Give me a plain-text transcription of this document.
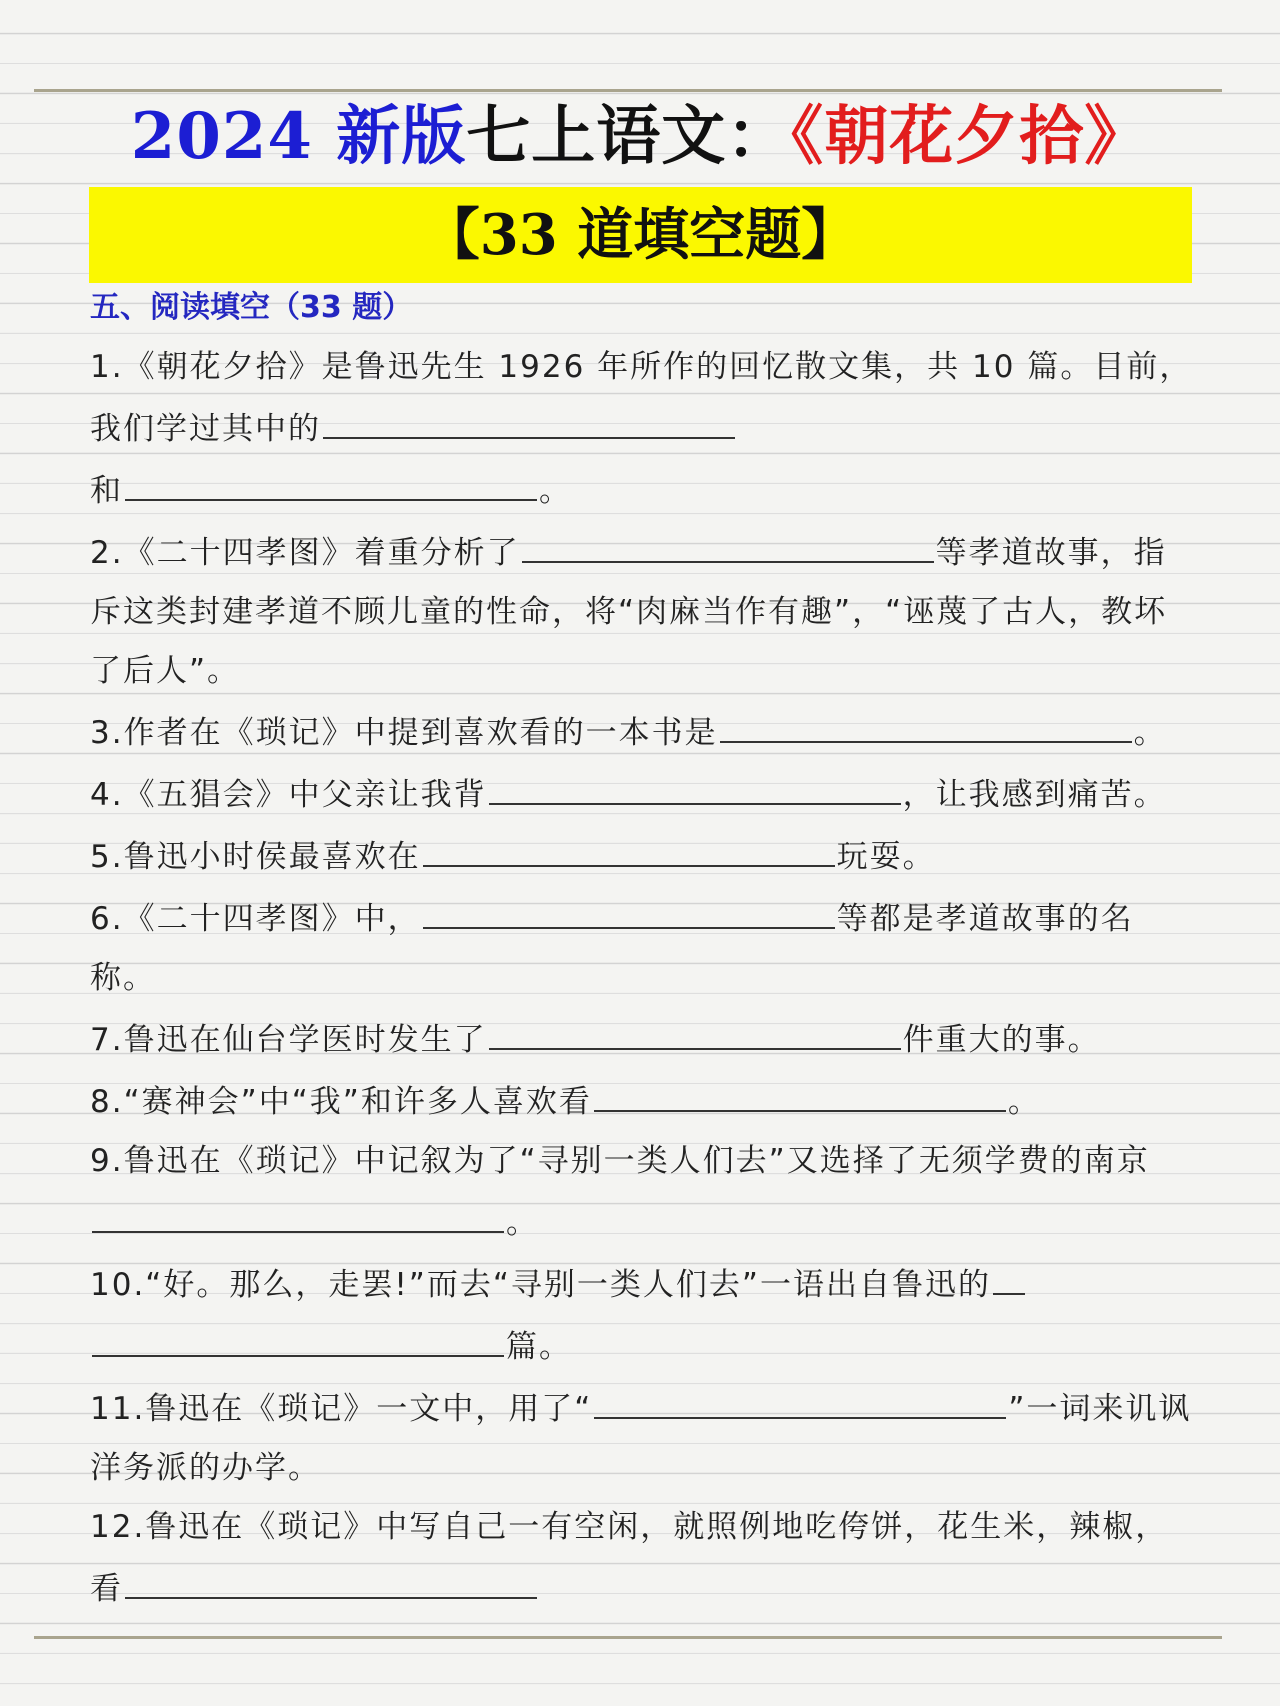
2024 新版七上语文：《朝花夕拾》
【33 道填空题】
五、阅读填空（33 题）

1.《朝花夕拾》是鲁迅先生 1926 年所作的回忆散文集，共 10 篇。目前，我们学过其中的
和	。

2.《二十四孝图》着重分析了	等孝道故事，指斥这类封建孝道不顾儿童的性命，将“肉麻当作有趣”，“诬蔑了古人，教坏了后人”。

3.作者在《琐记》中提到喜欢看的一本书是	。

4.《五猖会》中父亲让我背	，让我感到痛苦。

5.鲁迅小时侯最喜欢在	玩耍。

6.《二十四孝图》中，	等都是孝道故事的名称。

7.鲁迅在仙台学医时发生了	件重大的事。

8.“赛神会”中“我”和许多人喜欢看	。

9.鲁迅在《琐记》中记叙为了“寻别一类人们去”又选择了无须学费的南京。

10.“好。那么，走罢!”而去“寻别一类人们去”一语出自鲁迅的篇。

11.鲁迅在《琐记》一文中，用了“	”一词来讥讽洋务派的办学。

12.鲁迅在《琐记》中写自己一有空闲，就照例地吃侉饼，花生米，辣椒，看
